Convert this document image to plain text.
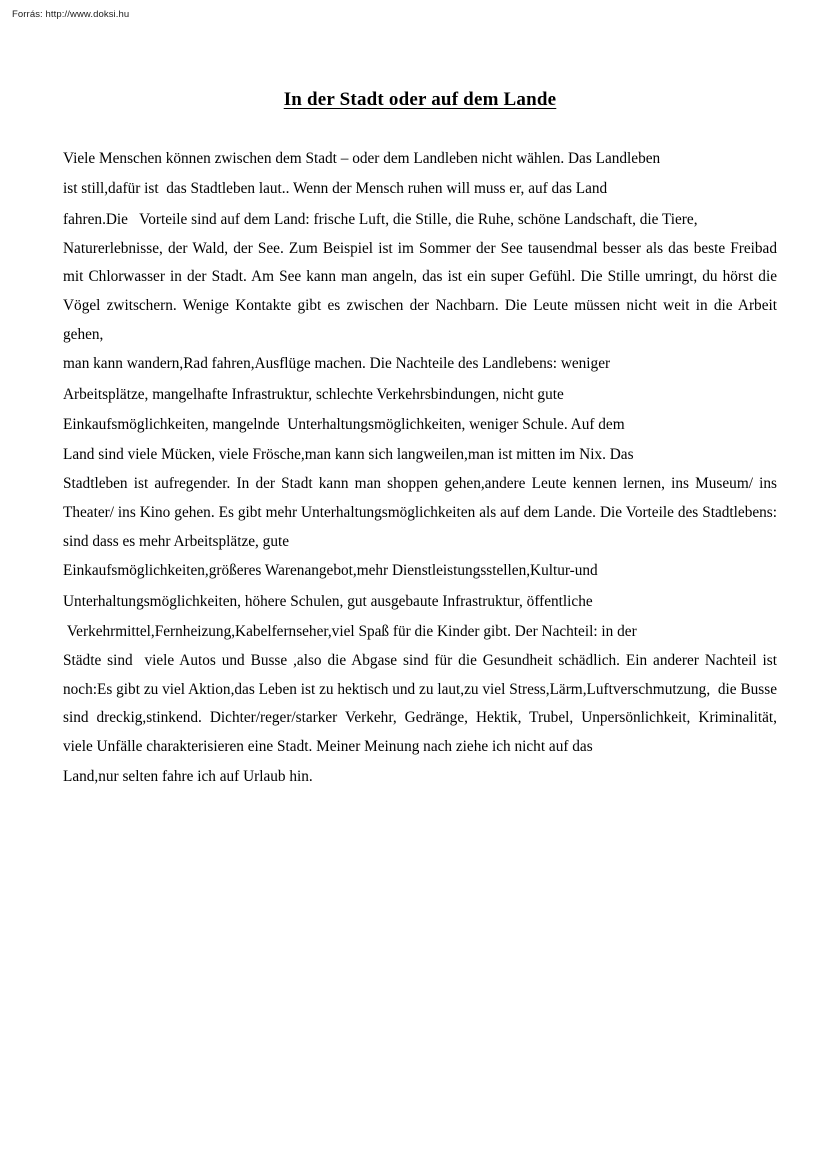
Forrás: http://www.doksi.hu
In der Stadt oder auf dem Lande

Viele Menschen können zwischen dem Stadt – oder dem Landleben nicht wählen. Das Landleben

ist still,dafür ist  das Stadtleben laut.. Wenn der Mensch ruhen will muss er, auf das Land

fahren.Die   Vorteile sind auf dem Land: frische Luft, die Stille, die Ruhe, schöne Landschaft, die Tiere,

Naturerlebnisse, der Wald, der See. Zum Beispiel ist im Sommer der See tausendmal besser als das beste Freibad mit Chlorwasser in der Stadt. Am See kann man angeln, das ist ein super Gefühl. Die Stille umringt, du hörst die Vögel zwitschern. Wenige Kontakte gibt es zwischen der Nachbarn. Die Leute müssen nicht weit in die Arbeit gehen,

man kann wandern,Rad fahren,Ausflüge machen. Die Nachteile des Landlebens: weniger

Arbeitsplätze, mangelhafte Infrastruktur, schlechte Verkehrsbindungen, nicht gute

Einkaufsmöglichkeiten, mangelnde  Unterhaltungsmöglichkeiten, weniger Schule. Auf dem

Land sind viele Mücken, viele Frösche,man kann sich langweilen,man ist mitten im Nix. Das

Stadtleben ist aufregender. In der Stadt kann man shoppen gehen,andere Leute kennen lernen, ins Museum/ ins Theater/ ins Kino gehen. Es gibt mehr Unterhaltungsmöglichkeiten als auf dem Lande. Die Vorteile des Stadtlebens: sind dass es mehr Arbeitsplätze, gute

Einkaufsmöglichkeiten,größeres Warenangebot,mehr Dienstleistungsstellen,Kultur-und

Unterhaltungsmöglichkeiten, höhere Schulen, gut ausgebaute Infrastruktur, öffentliche

Verkehrmittel,Fernheizung,Kabelfernseher,viel Spaß für die Kinder gibt. Der Nachteil: in der

Städte sind  viele Autos und Busse ,also die Abgase sind für die Gesundheit schädlich. Ein anderer Nachteil ist noch:Es gibt zu viel Aktion,das Leben ist zu hektisch und zu laut,zu viel Stress,Lärm,Luftverschmutzung,  die Busse sind dreckig,stinkend. Dichter/reger/starker Verkehr, Gedränge, Hektik, Trubel, Unpersönlichkeit, Kriminalität, viele Unfälle charakterisieren eine Stadt. Meiner Meinung nach ziehe ich nicht auf das

Land,nur selten fahre ich auf Urlaub hin.
